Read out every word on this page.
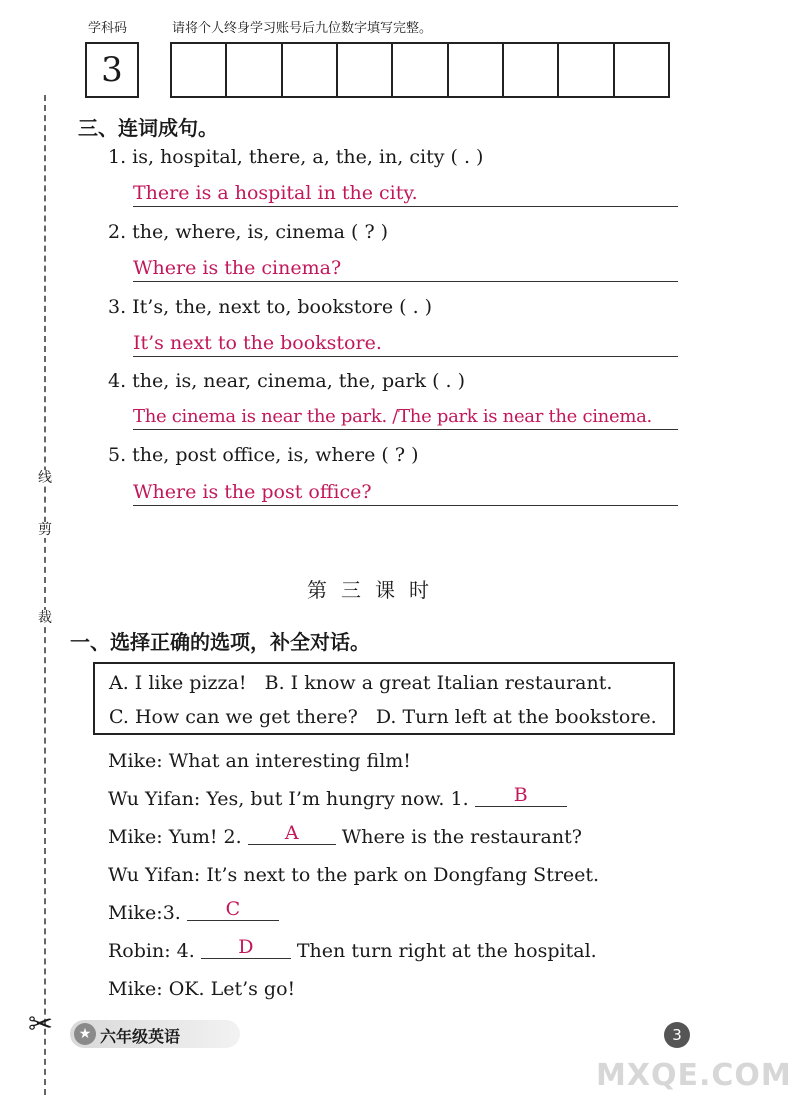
学科码	请将个人终身学习账号后九位数字填写完整。
3
线
剪
裁
✂
三、连词成句。
1. is, hospital, there, a, the, in, city ( . )
There is a hospital in the city.
2. the, where, is, cinema ( ? )
Where is the cinema?
3. It’s, the, next to, bookstore ( . )
It’s next to the bookstore.
4. the, is, near, cinema, the, park ( . )
The cinema is near the park. /The park is near the cinema.
5. the, post office, is, where ( ? )
Where is the post office?
第三课时
一、选择正确的选项，补全对话。
A. I like pizza!   B. I know a great Italian restaurant.
C. How can we get there?   D. Turn left at the bookstore.
Mike: What an interesting film!
Wu Yifan: Yes, but I’m hungry now. 1. B
Mike: Yum! 2. A Where is the restaurant?
Wu Yifan: It’s next to the park on Dongfang Street.
Mike:3. C
Robin: 4. D Then turn right at the hospital.
Mike: OK. Let’s go!
★ 六年级英语	3
MXQE.COM
